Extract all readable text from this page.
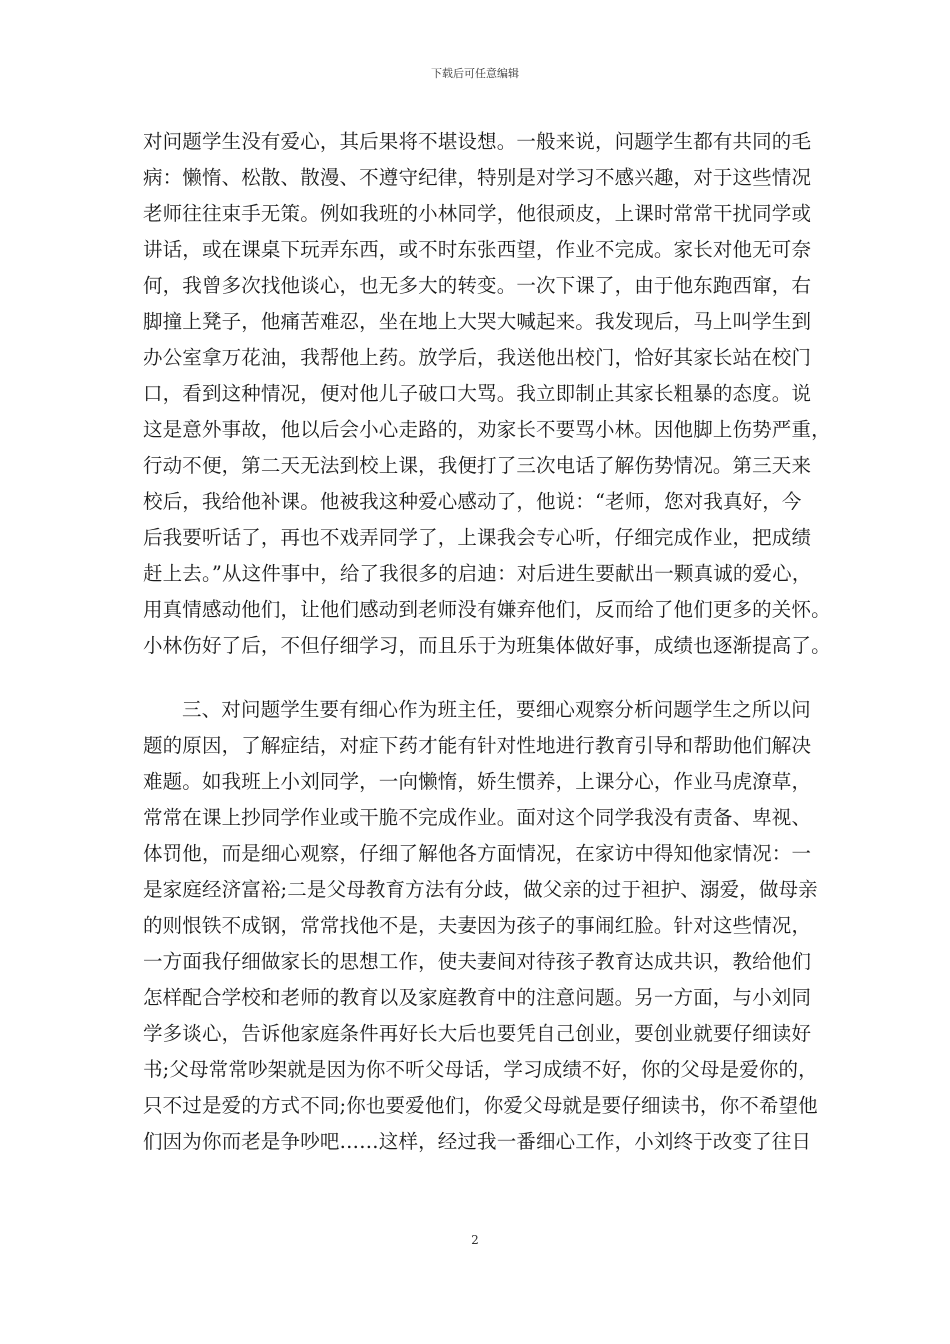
下载后可任意编辑
对问题学生没有爱心，其后果将不堪设想。一般来说，问题学生都有共同的毛
病：懒惰、松散、散漫、不遵守纪律，特别是对学习不感兴趣，对于这些情况
老师往往束手无策。例如我班的小林同学，他很顽皮，上课时常常干扰同学或
讲话，或在课桌下玩弄东西，或不时东张西望，作业不完成。家长对他无可奈
何，我曾多次找他谈心，也无多大的转变。一次下课了，由于他东跑西窜，右
脚撞上凳子，他痛苦难忍，坐在地上大哭大喊起来。我发现后，马上叫学生到
办公室拿万花油，我帮他上药。放学后，我送他出校门，恰好其家长站在校门
口，看到这种情况，便对他儿子破口大骂。我立即制止其家长粗暴的态度。说
这是意外事故，他以后会小心走路的，劝家长不要骂小林。因他脚上伤势严重，
行动不便，第二天无法到校上课，我便打了三次电话了解伤势情况。第三天来
校后，我给他补课。他被我这种爱心感动了，他说：“老师，您对我真好，今
后我要听话了，再也不戏弄同学了，上课我会专心听，仔细完成作业，把成绩
赶上去。”从这件事中，给了我很多的启迪：对后进生要献出一颗真诚的爱心，
用真情感动他们，让他们感动到老师没有嫌弃他们，反而给了他们更多的关怀。
小林伤好了后，不但仔细学习，而且乐于为班集体做好事，成绩也逐渐提高了。
三、对问题学生要有细心作为班主任，要细心观察分析问题学生之所以问
题的原因，了解症结，对症下药才能有针对性地进行教育引导和帮助他们解决
难题。如我班上小刘同学，一向懒惰，娇生惯养，上课分心，作业马虎潦草，
常常在课上抄同学作业或干脆不完成作业。面对这个同学我没有责备、卑视、
体罚他，而是细心观察，仔细了解他各方面情况，在家访中得知他家情况：一
是家庭经济富裕;二是父母教育方法有分歧，做父亲的过于袒护、溺爱，做母亲
的则恨铁不成钢，常常找他不是，夫妻因为孩子的事闹红脸。针对这些情况，
一方面我仔细做家长的思想工作，使夫妻间对待孩子教育达成共识，教给他们
怎样配合学校和老师的教育以及家庭教育中的注意问题。另一方面，与小刘同
学多谈心，告诉他家庭条件再好长大后也要凭自己创业，要创业就要仔细读好
书;父母常常吵架就是因为你不听父母话，学习成绩不好，你的父母是爱你的，
只不过是爱的方式不同;你也要爱他们，你爱父母就是要仔细读书，你不希望他
们因为你而老是争吵吧……这样，经过我一番细心工作，小刘终于改变了往日
2
